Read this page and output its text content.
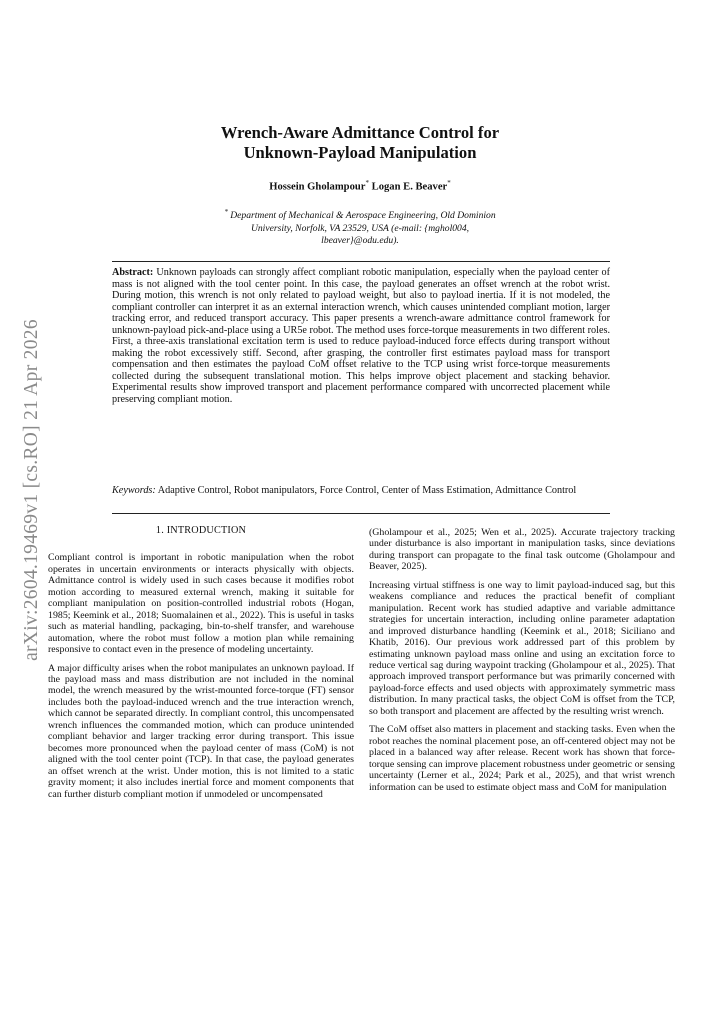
arXiv:2604.19469v1 [cs.RO] 21 Apr 2026
Wrench-Aware Admittance Control for
Unknown-Payload Manipulation
Hossein Gholampour* Logan E. Beaver*
* Department of Mechanical & Aerospace Engineering, Old Dominion
University, Norfolk, VA 23529, USA (e-mail: {mghol004,
lbeaver}@odu.edu).

Abstract: Unknown payloads can strongly affect compliant robotic manipulation, especially when the payload center of mass is not aligned with the tool center point. In this case, the payload generates an offset wrench at the robot wrist. During motion, this wrench is not only related to payload weight, but also to payload inertia. If it is not modeled, the compliant controller can interpret it as an external interaction wrench, which causes unintended compliant motion, larger tracking error, and reduced transport accuracy. This paper presents a wrench-aware admittance control framework for unknown-payload pick-and-place using a UR5e robot. The method uses force-torque measurements in two different roles. First, a three-axis translational excitation term is used to reduce payload-induced force effects during transport without making the robot excessively stiff. Second, after grasping, the controller first estimates payload mass for transport compensation and then estimates the payload CoM offset relative to the TCP using wrist force-torque measurements collected during the subsequent translational motion. This helps improve object placement and stacking behavior. Experimental results show improved transport and placement performance compared with uncorrected placement while preserving compliant motion.

Keywords: Adaptive Control, Robot manipulators, Force Control, Center of Mass Estimation, Admittance Control

1. INTRODUCTION

Compliant control is important in robotic manipulation when the robot operates in uncertain environments or interacts physically with objects. Admittance control is widely used in such cases because it modifies robot motion according to measured external wrench, making it suitable for compliant manipulation on position-controlled industrial robots (Hogan, 1985; Keemink et al., 2018; Suomalainen et al., 2022). This is useful in tasks such as material handling, packaging, bin-to-shelf transfer, and warehouse automation, where the robot must follow a motion plan while remaining responsive to contact even in the presence of modeling uncertainty.

A major difficulty arises when the robot manipulates an unknown payload. If the payload mass and mass distribution are not included in the nominal model, the wrench measured by the wrist-mounted force-torque (FT) sensor includes both the payload-induced wrench and the true interaction wrench, which cannot be separated directly. In compliant control, this uncompensated wrench influences the commanded motion, which can produce unintended compliant behavior and larger tracking error during transport. This issue becomes more pronounced when the payload center of mass (CoM) is not aligned with the tool center point (TCP). In that case, the payload generates an offset wrench at the wrist. Under motion, this is not limited to a static gravity moment; it also includes inertial force and moment components that can further disturb compliant motion if unmodeled or uncompensated

(Gholampour et al., 2025; Wen et al., 2025). Accurate trajectory tracking under disturbance is also important in manipulation tasks, since deviations during transport can propagate to the final task outcome (Gholampour and Beaver, 2025).

Increasing virtual stiffness is one way to limit payload-induced sag, but this weakens compliance and reduces the practical benefit of compliant manipulation. Recent work has studied adaptive and variable admittance strategies for uncertain interaction, including online parameter adaptation and improved disturbance handling (Keemink et al., 2018; Siciliano and Khatib, 2016). Our previous work addressed part of this problem by estimating unknown payload mass online and using an excitation force to reduce vertical sag during waypoint tracking (Gholampour et al., 2025). That approach improved transport performance but was primarily concerned with payload-force effects and used objects with approximately symmetric mass distribution. In many practical tasks, the object CoM is offset from the TCP, so both transport and placement are affected by the resulting wrist wrench.

The CoM offset also matters in placement and stacking tasks. Even when the robot reaches the nominal placement pose, an off-centered object may not be placed in a balanced way after release. Recent work has shown that force-torque sensing can improve placement robustness under geometric or sensing uncertainty (Lerner et al., 2024; Park et al., 2025), and that wrist wrench information can be used to estimate object mass and CoM for manipulation
